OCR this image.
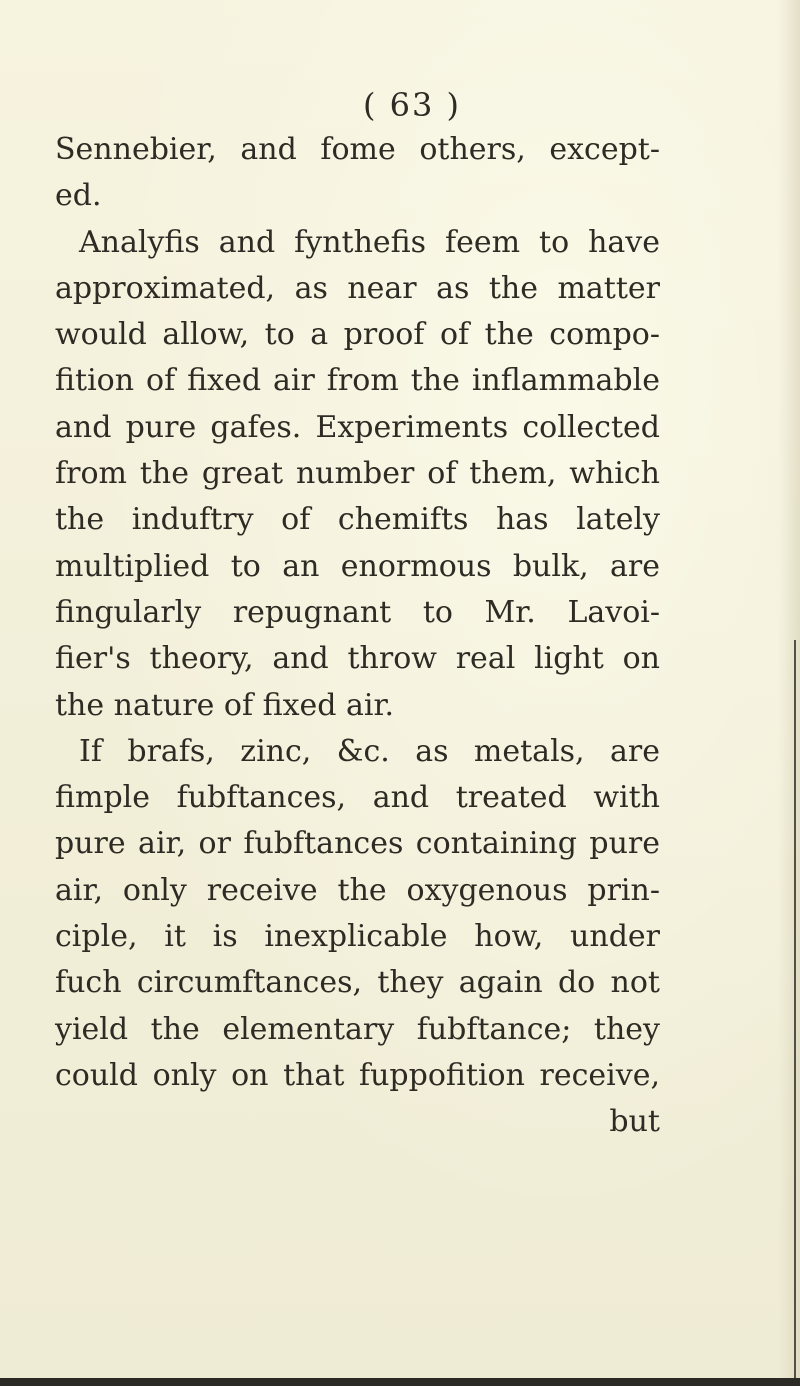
( 63 )
Sennebier, and fome others, except-
ed.
Analyfis and fynthefis feem to have
approximated, as near as the matter
would allow, to a proof of the compo-
fition of fixed air from the inflammable
and pure gafes. Experiments collected
from the great number of them, which
the induftry of chemifts has lately
multiplied to an enormous bulk, are
fingularly repugnant to Mr. Lavoi-
fier's theory, and throw real light on
the nature of fixed air.
If brafs, zinc, &c. as metals, are
fimple fubftances, and treated with
pure air, or fubftances containing pure
air, only receive the oxygenous prin-
ciple, it is inexplicable how, under
fuch circumftances, they again do not
yield the elementary fubftance; they
could only on that fuppofition receive,
but
